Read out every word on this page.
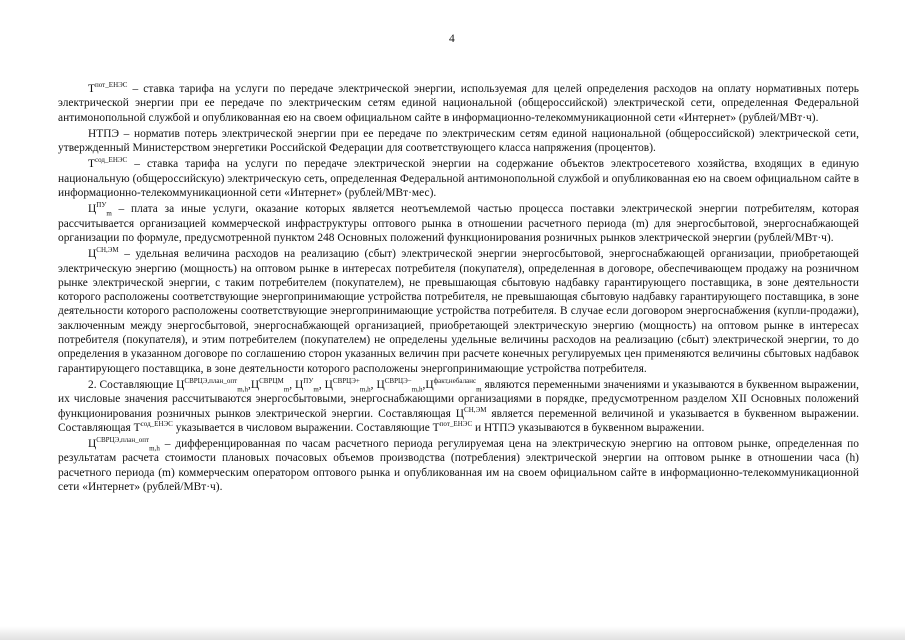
4

$T^{пот\_ЕНЭС}$ – ставка тарифа на услуги по передаче электрической энергии, используемая для целей определения расходов на оплату нормативных потерь электрической энергии при ее передаче по электрическим сетям единой национальной (общероссийской) электрической сети, определенная Федеральной антимонопольной службой и опубликованная ею на своем официальном сайте в информационно-телекоммуникационной сети «Интернет» (рублей/МВт·ч).

НТПЭ – норматив потерь электрической энергии при ее передаче по электрическим сетям единой национальной (общероссийской) электрической сети, утвержденный Министерством энергетики Российской Федерации для соответствующего класса напряжения (процентов).

$T^{сод\_ЕНЭС}$ – ставка тарифа на услуги по передаче электрической энергии на содержание объектов электросетевого хозяйства, входящих в единую национальную (общероссийскую) электрическую сеть, определенная Федеральной антимонопольной службой и опубликованная ею на своем официальном сайте в информационно-телекоммуникационной сети «Интернет» (рублей/МВт·мес).

$Ц^{ПУ}_m$ – плата за иные услуги, оказание которых является неотъемлемой частью процесса поставки электрической энергии потребителям, которая рассчитывается организацией коммерческой инфраструктуры оптового рынка в отношении расчетного периода (m) для энергосбытовой, энергоснабжающей организации по формуле, предусмотренной пунктом 248 Основных положений функционирования розничных рынков электрической энергии (рублей/МВт·ч).

$Ц^{СН,ЭМ}$ – удельная величина расходов на реализацию (сбыт) электрической энергии энергосбытовой, энергоснабжающей организации, приобретающей электрическую энергию (мощность) на оптовом рынке в интересах потребителя (покупателя), определенная в договоре, обеспечивающем продажу на розничном рынке электрической энергии, с таким потребителем (покупателем), не превышающая сбытовую надбавку гарантирующего поставщика, в зоне деятельности которого расположены соответствующие энергопринимающие устройства потребителя, не превышающая сбытовую надбавку гарантирующего поставщика, в зоне деятельности которого расположены соответствующие энергопринимающие устройства потребителя. В случае если договором энергоснабжения (купли-продажи), заключенным между энергосбытовой, энергоснабжающей организацией, приобретающей электрическую энергию (мощность) на оптовом рынке в интересах потребителя (покупателя), и этим потребителем (покупателем) не определены удельные величины расходов на реализацию (сбыт) электрической энергии, то до определения в указанном договоре по соглашению сторон указанных величин при расчете конечных регулируемых цен применяются величины сбытовых надбавок гарантирующего поставщика, в зоне деятельности которого расположены энергопринимающие устройства потребителя.

2. Составляющие $Ц^{СВРЦЭ,плaн\_опт}_{m,h},Ц^{СВРЦМ}_m$, $Ц^{ПУ}_m$, $Ц^{СВРЦЭ+}_{m,h}$, $Ц^{СВРЦЭ-}_{m,h},Ц^{факт,небаланс}_m$ являются переменными значениями и указываются в буквенном выражении, их числовые значения рассчитываются энергосбытовыми, энергоснабжающими организациями в порядке, предусмотренном разделом XII Основных положений функционирования розничных рынков электрической энергии. Составляющая $Ц^{СН,ЭМ}$ является переменной величиной и указывается в буквенном выражении. Составляющая $T^{сод\_ЕНЭС}$ указывается в числовом выражении. Составляющие $T^{пот\_ЕНЭС}$ и НТПЭ указываются в буквенном выражении.

$Ц^{СВРЦЭ,план\_опт}_{m,h}$ – дифференцированная по часам расчетного периода регулируемая цена на электрическую энергию на оптовом рынке, определенная по результатам расчета стоимости плановых почасовых объемов производства (потребления) электрической энергии на оптовом рынке в отношении часа (h) расчетного периода (m) коммерческим оператором оптового рынка и опубликованная им на своем официальном сайте в информационно-телекоммуникационной сети «Интернет» (рублей/МВт·ч).
